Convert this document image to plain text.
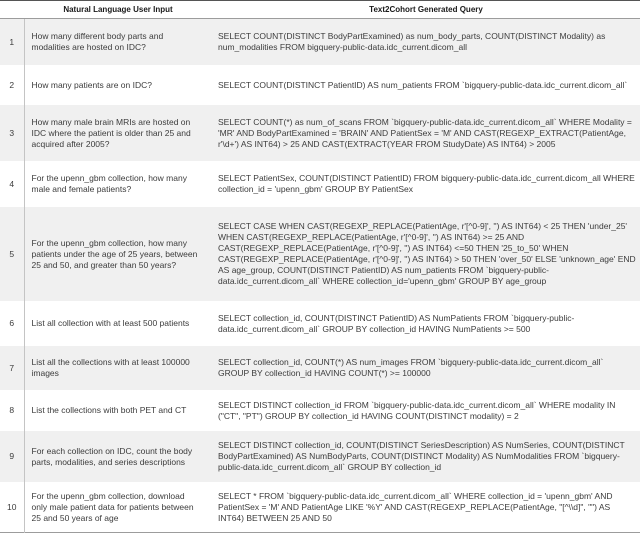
	Natural Language User Input	Text2Cohort Generated Query
1	How many different body parts and modalities are hosted on IDC?	SELECT COUNT(DISTINCT BodyPartExamined) as num_body_parts, COUNT(DISTINCT Modality) as num_modalities FROM bigquery-public-data.idc_current.dicom_all
2	How many patients are on IDC?	SELECT COUNT(DISTINCT PatientID) AS num_patients FROM `bigquery-public-data.idc_current.dicom_all`
3	How many male brain MRIs are hosted on IDC where the patient is older than 25 and acquired after 2005?	SELECT COUNT(*) as num_of_scans FROM `bigquery-public-data.idc_current.dicom_all` WHERE Modality = 'MR' AND BodyPartExamined = 'BRAIN' AND PatientSex = 'M' AND CAST(REGEXP_EXTRACT(PatientAge, r'\d+') AS INT64) > 25 AND CAST(EXTRACT(YEAR FROM StudyDate) AS INT64) > 2005
4	For the upenn_gbm collection, how many male and female patients?	SELECT PatientSex, COUNT(DISTINCT PatientID) FROM bigquery-public-data.idc_current.dicom_all WHERE collection_id = 'upenn_gbm' GROUP BY PatientSex
5	For the upenn_gbm collection, how many patients under the age of 25 years, between 25 and 50, and greater than 50 years?	SELECT CASE WHEN CAST(REGEXP_REPLACE(PatientAge, r'[^0-9]', '') AS INT64) < 25 THEN 'under_25' WHEN CAST(REGEXP_REPLACE(PatientAge, r'[^0-9]', '') AS INT64) >= 25 AND CAST(REGEXP_REPLACE(PatientAge, r'[^0-9]', '') AS INT64) <=50 THEN '25_to_50' WHEN CAST(REGEXP_REPLACE(PatientAge, r'[^0-9]', '') AS INT64) > 50 THEN 'over_50' ELSE 'unknown_age' END AS age_group, COUNT(DISTINCT PatientID) AS num_patients FROM `bigquery-public-data.idc_current.dicom_all` WHERE collection_id='upenn_gbm' GROUP BY age_group
6	List all collection with at least 500 patients	SELECT collection_id, COUNT(DISTINCT PatientID) AS NumPatients FROM `bigquery-public-data.idc_current.dicom_all` GROUP BY collection_id HAVING NumPatients >= 500
7	List all the collections with at least 100000 images	SELECT collection_id, COUNT(*) AS num_images FROM `bigquery-public-data.idc_current.dicom_all` GROUP BY collection_id HAVING COUNT(*) >= 100000
8	List the collections with both PET and CT	SELECT DISTINCT collection_id FROM `bigquery-public-data.idc_current.dicom_all` WHERE modality IN ("CT", "PT") GROUP BY collection_id HAVING COUNT(DISTINCT modality) = 2
9	For each collection on IDC, count the body parts, modalities, and series descriptions	SELECT DISTINCT collection_id, COUNT(DISTINCT SeriesDescription) AS NumSeries, COUNT(DISTINCT BodyPartExamined) AS NumBodyParts, COUNT(DISTINCT Modality) AS NumModalities FROM `bigquery-public-data.idc_current.dicom_all` GROUP BY collection_id
10	For the upenn_gbm collection, download only male patient data for patients between 25 and 50 years of age	SELECT * FROM `bigquery-public-data.idc_current.dicom_all` WHERE collection_id = 'upenn_gbm' AND PatientSex = 'M' AND PatientAge LIKE '%Y' AND CAST(REGEXP_REPLACE(PatientAge, "[^\\d]", "") AS INT64) BETWEEN 25 AND 50
